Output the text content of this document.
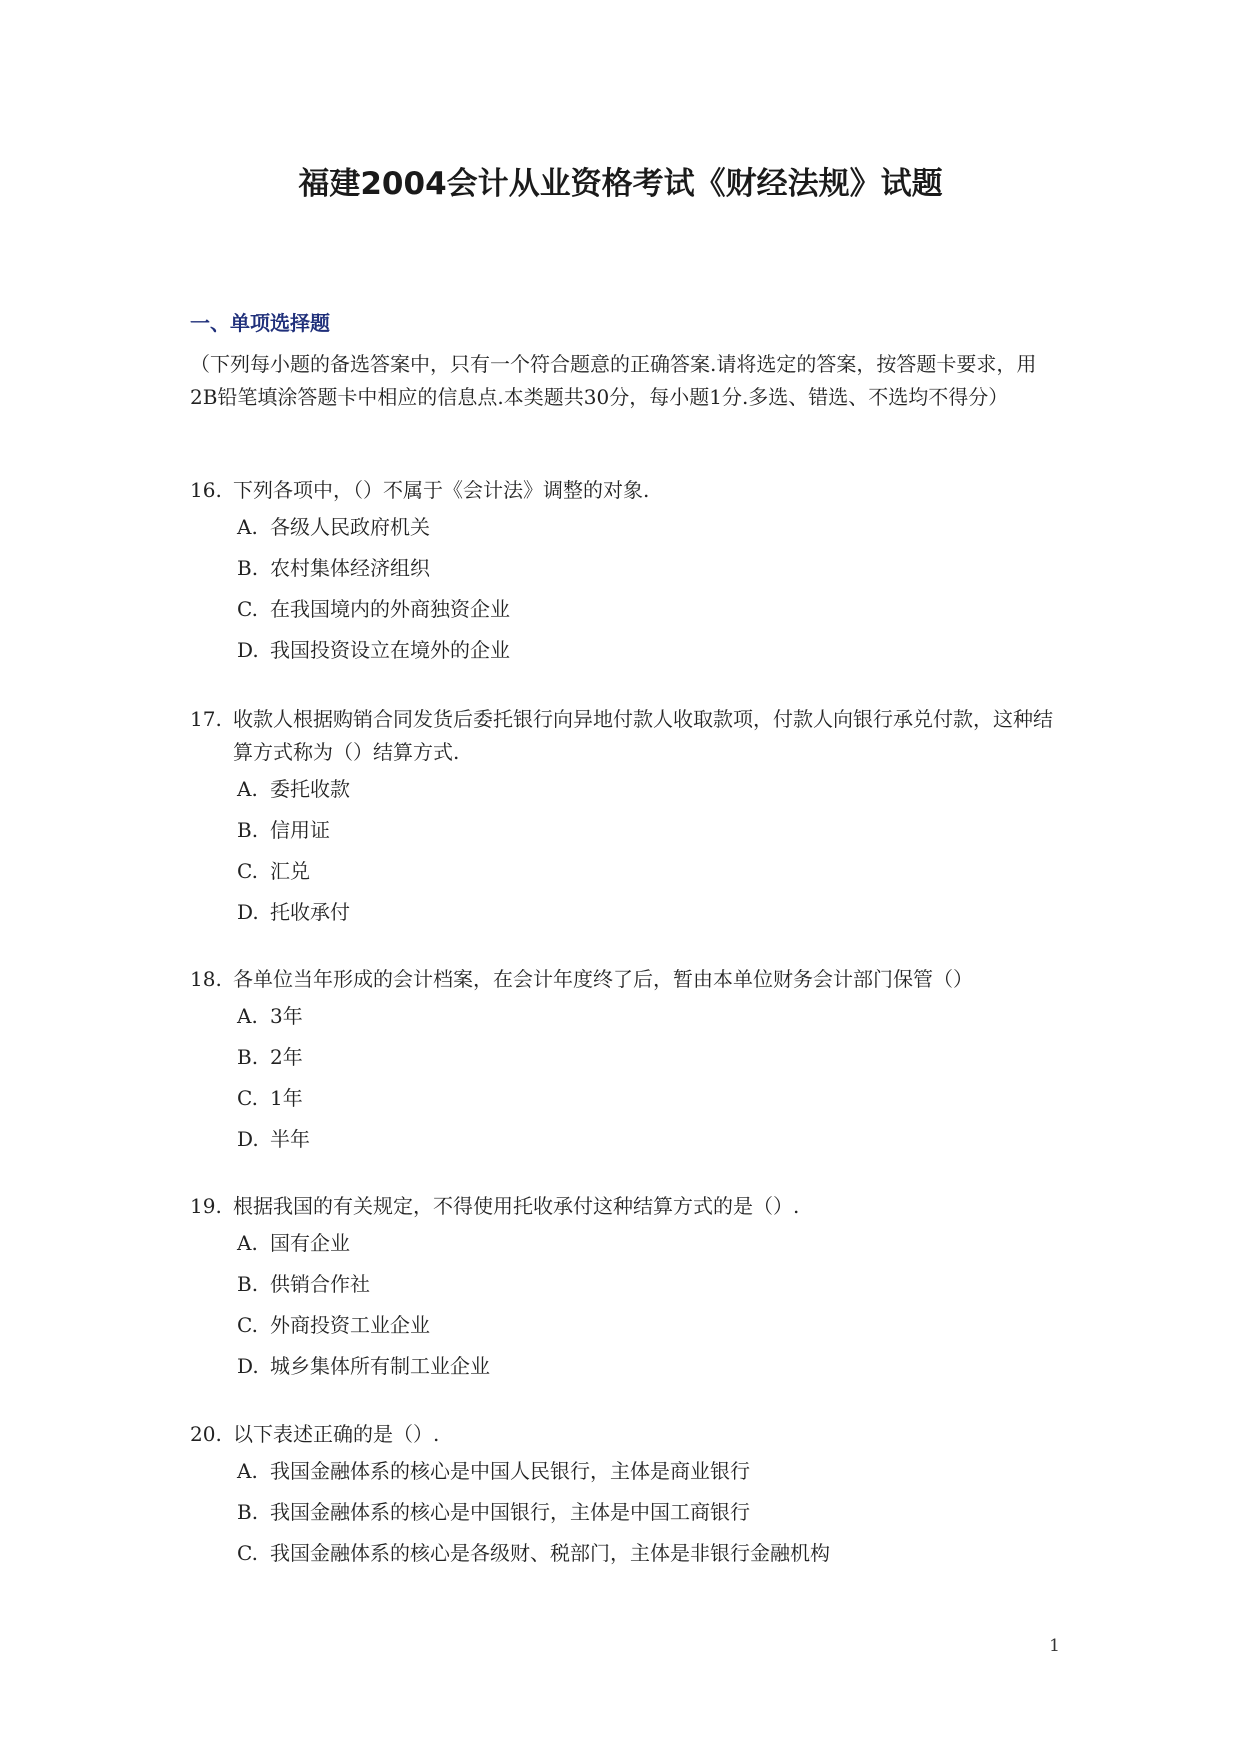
福建2004会计从业资格考试《财经法规》试题
一、单项选择题
（下列每小题的备选答案中，只有一个符合题意的正确答案.请将选定的答案，按答题卡要求，用2B铅笔填涂答题卡中相应的信息点.本类题共30分，每小题1分.多选、错选、不选均不得分）
16. 下列各项中，（）不属于《会计法》调整的对象.
A. 各级人民政府机关
B. 农村集体经济组织
C. 在我国境内的外商独资企业
D. 我国投资设立在境外的企业
17. 收款人根据购销合同发货后委托银行向异地付款人收取款项，付款人向银行承兑付款，这种结算方式称为（）结算方式.
A. 委托收款
B. 信用证
C. 汇兑
D. 托收承付
18. 各单位当年形成的会计档案，在会计年度终了后，暂由本单位财务会计部门保管（）
A. 3年
B. 2年
C. 1年
D. 半年
19. 根据我国的有关规定，不得使用托收承付这种结算方式的是（）.
A. 国有企业
B. 供销合作社
C. 外商投资工业企业
D. 城乡集体所有制工业企业
20. 以下表述正确的是（）.
A. 我国金融体系的核心是中国人民银行，主体是商业银行
B. 我国金融体系的核心是中国银行，主体是中国工商银行
C. 我国金融体系的核心是各级财、税部门，主体是非银行金融机构
1
